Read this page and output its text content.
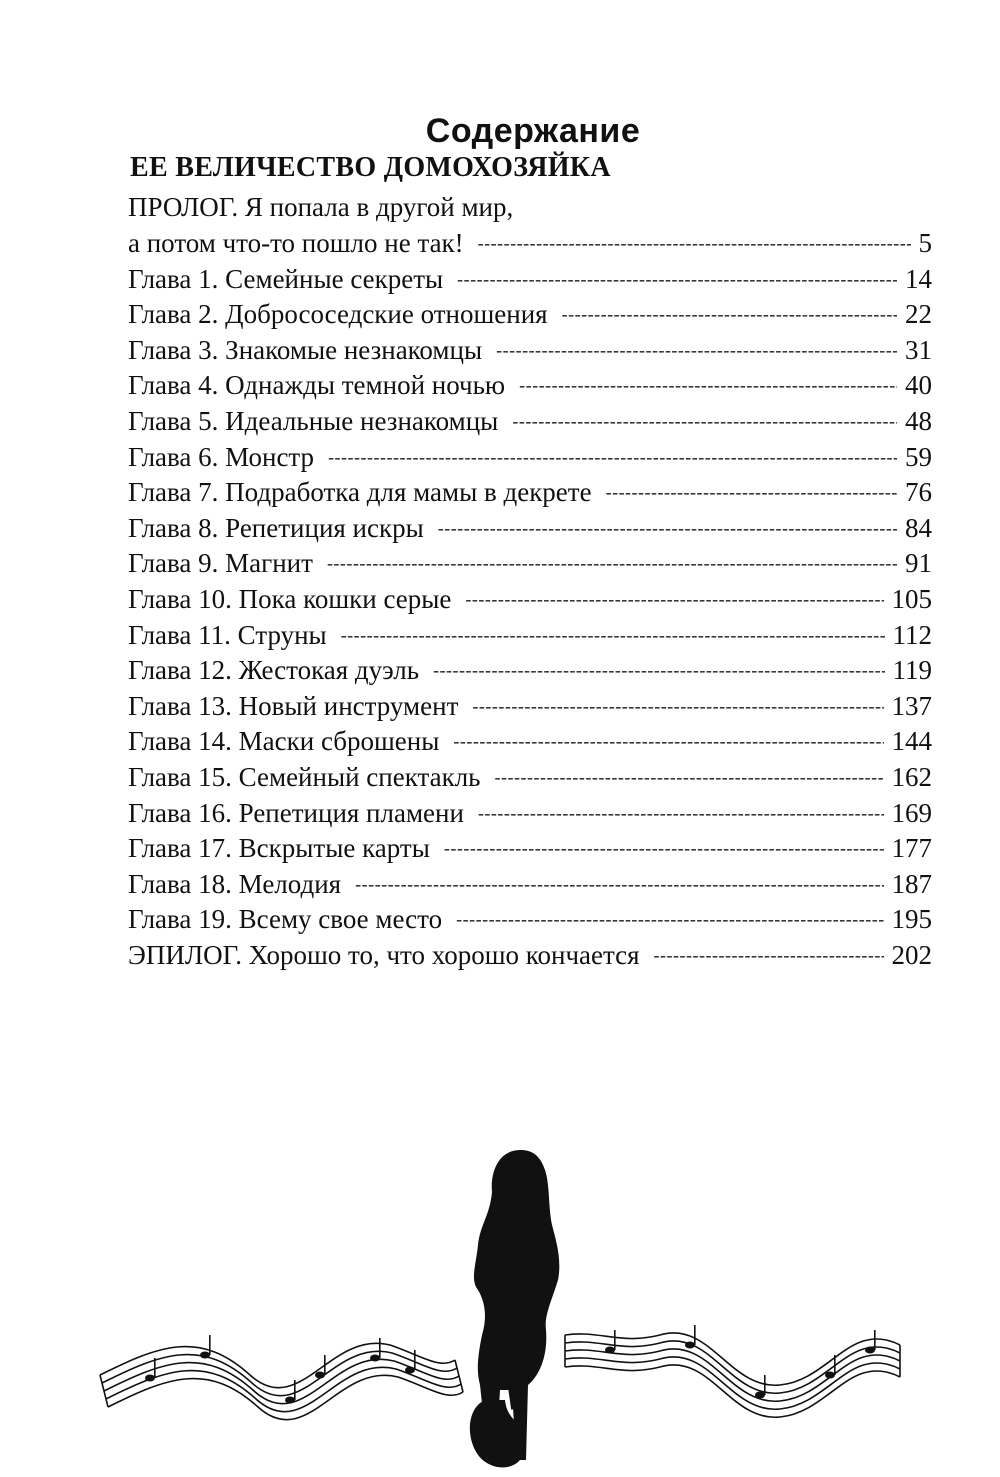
Содержание
ЕЕ ВЕЛИЧЕСТВО ДОМОХОЗЯЙКА
ПРОЛОГ. Я попала в другой мир,
а потом что-то пошло не так! -----	5
Глава 1. Семейные секреты -----	14
Глава 2. Добрососедские отношения -----	22
Глава 3. Знакомые незнакомцы -----	31
Глава 4. Однажды темной ночью -----	40
Глава 5. Идеальные незнакомцы -----	48
Глава 6. Монстр -----	59
Глава 7. Подработка для мамы в декрете -----	76
Глава 8. Репетиция искры -----	84
Глава 9. Магнит -----	91
Глава 10. Пока кошки серые -----	105
Глава 11. Струны -----	112
Глава 12. Жестокая дуэль -----	119
Глава 13. Новый инструмент -----	137
Глава 14. Маски сброшены -----	144
Глава 15. Семейный спектакль -----	162
Глава 16. Репетиция пламени -----	169
Глава 17. Вскрытые карты -----	177
Глава 18. Мелодия -----	187
Глава 19. Всему свое место -----	195
ЭПИЛОГ. Хорошо то, что хорошо кончается -----	202
